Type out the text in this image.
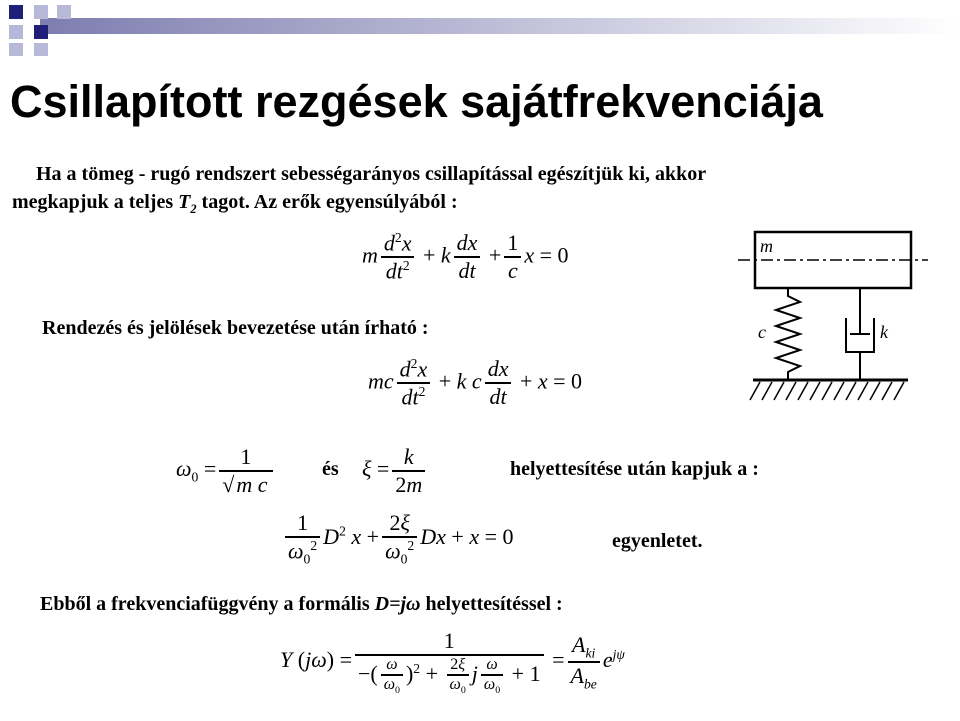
Csillapított rezgések sajátfrekvenciája
Ha a tömeg - rugó rendszert sebességarányos csillapítással egészítjük ki, akkor
megkapjuk a teljes $T_2$ tagot. Az erők egyensúlyából :
m $\frac{d^2x}{dt^2} + k \frac{dx}{dt} + \frac{1}{c}$ x = 0
Rendezés és jelölések bevezetése után írható :
mc $\frac{d^2x}{dt^2} + k$ c $\frac{dx}{dt} + x = 0$
$\omega_0 = \frac{1}{\text{√m c}}$ és $\xi = \frac{k}{2m}$	helyettesítése után kapjuk a :
$\frac{1}{\omega_0^2} D^2$ $x + \frac{2\xi}{\omega_0^2}$ Dx + x = 0	egyenletet.
Ebből a frekvenciafüggvény a formális D=jω helyettesítéssel :
Y $(j\omega) = \frac{1}{-( \frac{\omega}{\omega_0} )^2 + \frac{2\xi}{\omega_0} j \frac{\omega}{\omega_0} + 1} = \frac{A_{ki}}{A_{be}} e^{j\psi}$
m
c	k
